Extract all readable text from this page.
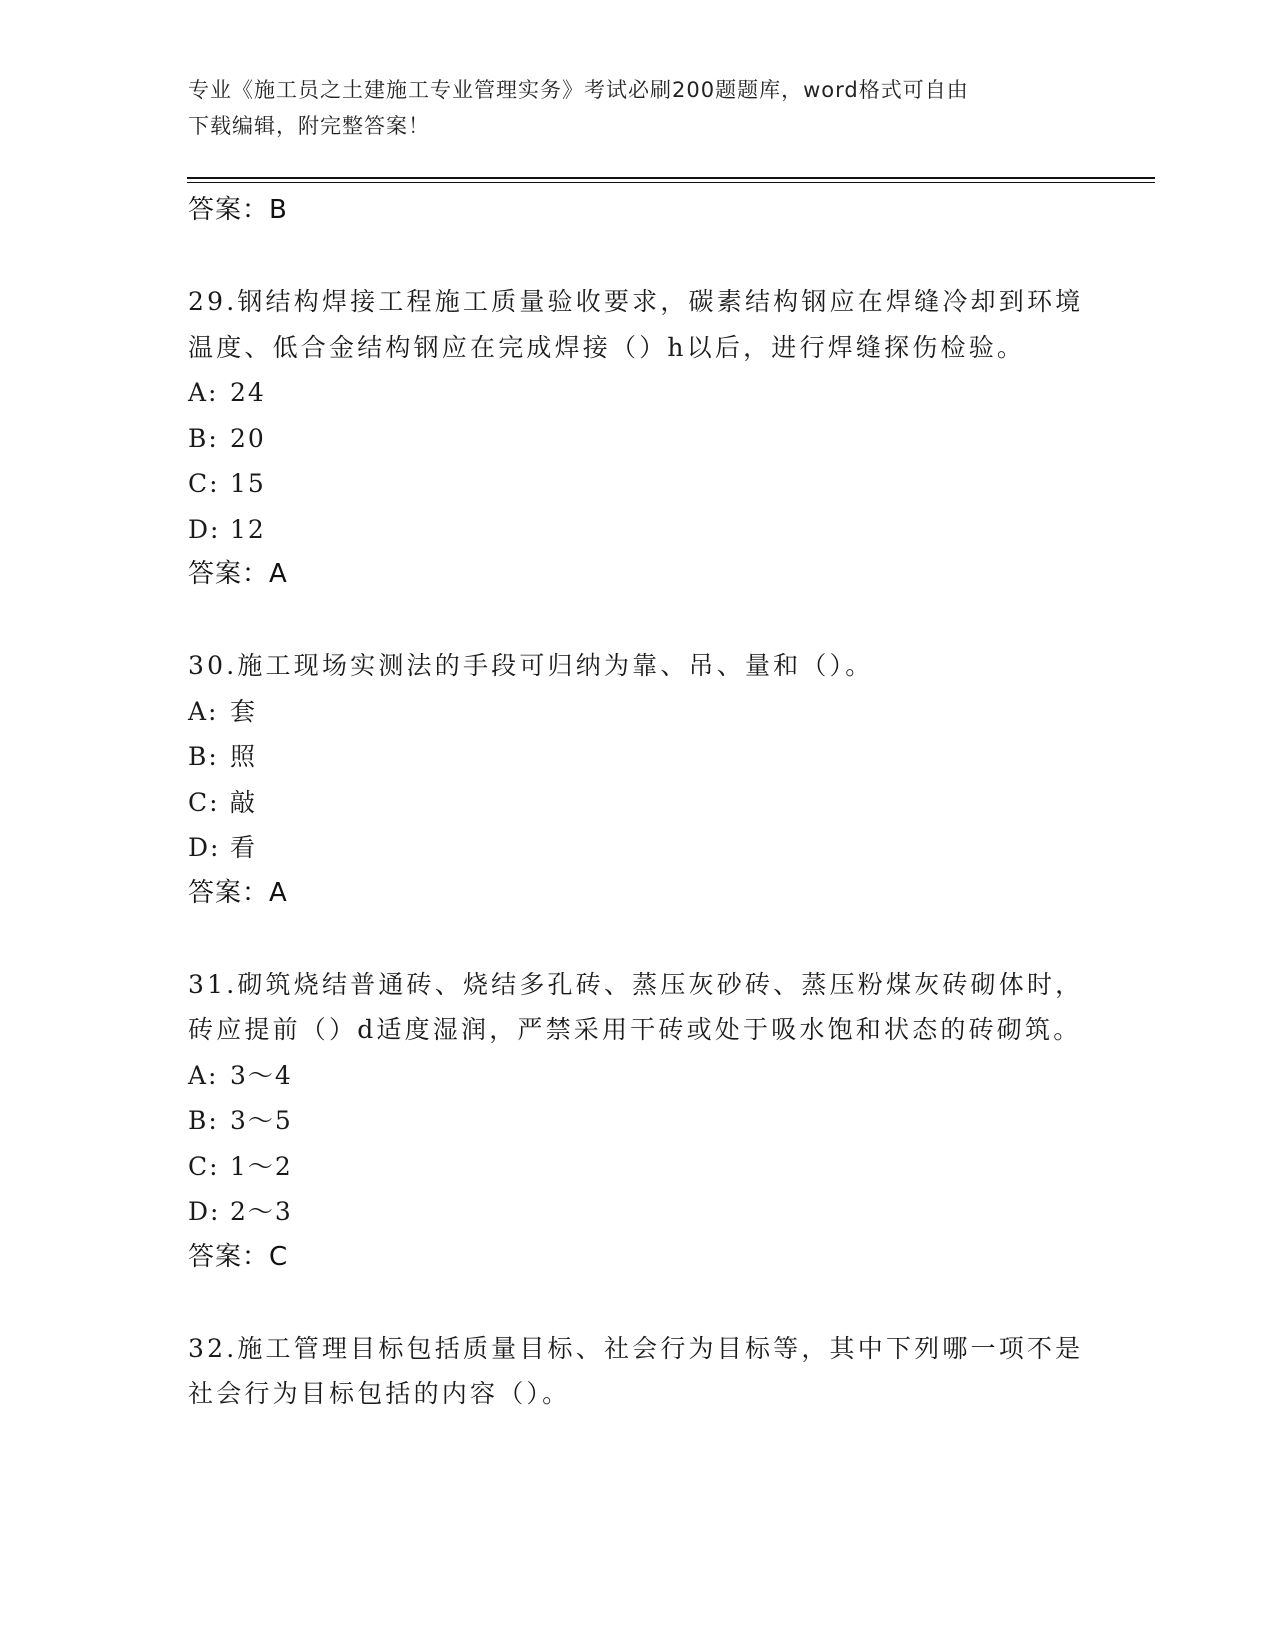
专业《施工员之土建施工专业管理实务》考试必刷200题题库，word格式可自由
下载编辑，附完整答案！
答案：B
29.钢结构焊接工程施工质量验收要求，碳素结构钢应在焊缝冷却到环境温度、低合金结构钢应在完成焊接（）h以后，进行焊缝探伤检验。
A: 24
B: 20
C: 15
D: 12
答案：A
30.施工现场实测法的手段可归纳为靠、吊、量和（）。
A: 套
B: 照
C: 敲
D: 看
答案：A
31.砌筑烧结普通砖、烧结多孔砖、蒸压灰砂砖、蒸压粉煤灰砖砌体时，砖应提前（）d适度湿润，严禁采用干砖或处于吸水饱和状态的砖砌筑。
A: 3～4
B: 3～5
C: 1～2
D: 2～3
答案：C
32.施工管理目标包括质量目标、社会行为目标等，其中下列哪一项不是社会行为目标包括的内容（）。
